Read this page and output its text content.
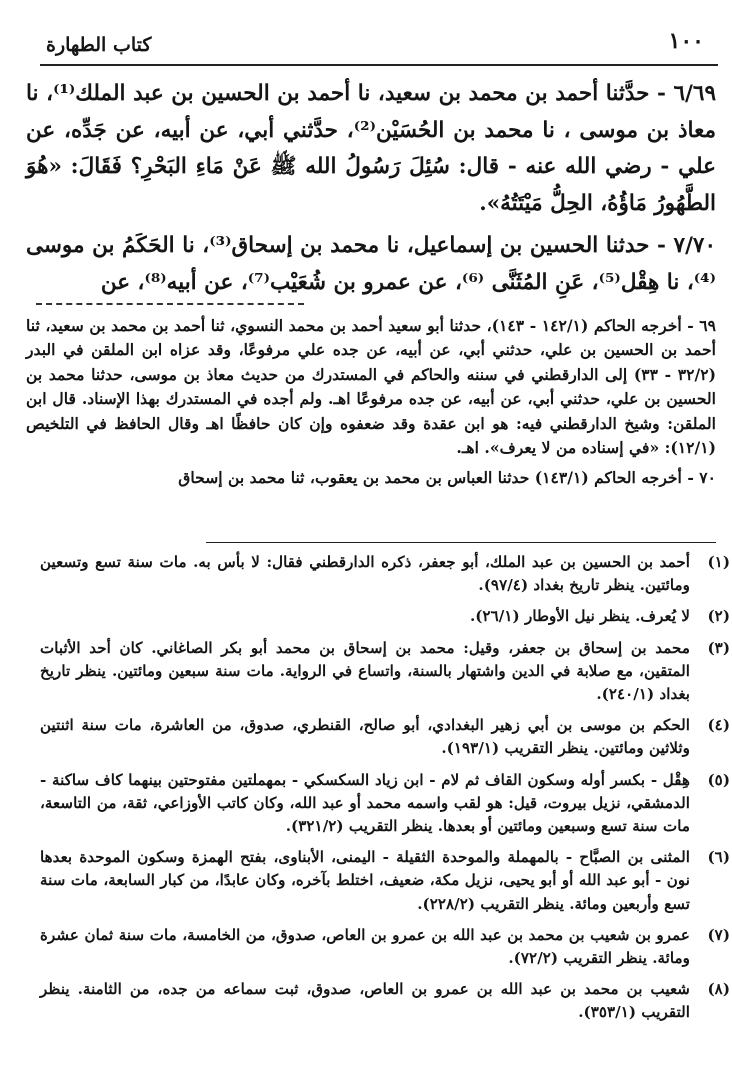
١٠٠
كتاب الطهارة

٦/٦٩ - حدَّثنا أحمد بن محمد بن سعيد، نا أحمد بن الحسين بن عبد الملك⁽¹⁾، نا معاذ بن موسى ، نا محمد بن الحُسَيْن⁽²⁾، حدَّثني أبي، عن أبيه، عن جَدِّه، عن علي - رضي الله عنه - قال: سُئِلَ رَسُولُ الله ﷺ عَنْ مَاءِ البَحْرِ؟ فَقَالَ: «هُوَ الطَّهُورُ مَاؤُهُ، الحِلُّ مَيْتَتُهُ».

٧/٧٠ - حدثنا الحسين بن إسماعيل، نا محمد بن إسحاق⁽³⁾، نا الحَكَمُ بن موسى ⁽⁴⁾، نا هِقْل⁽⁵⁾، عَنِ المُثَنَّى ⁽⁶⁾، عن عمرو بن شُعَيْب⁽⁷⁾، عن أبيه⁽⁸⁾، عن

٦٩ - أخرجه الحاكم (١٤٢/١ - ١٤٣)، حدثنا أبو سعيد أحمد بن محمد النسوي، ثنا أحمد بن محمد بن سعيد، ثنا أحمد بن الحسين بن علي، حدثني أبي، عن أبيه، عن جده علي مرفوعًا، وقد عزاه ابن الملقن في البدر (٣٢/٢ - ٣٣) إلى الدارقطني في سننه والحاكم في المستدرك من حديث معاذ بن موسى، حدثنا محمد بن الحسين بن علي، حدثني أبي، عن أبيه، عن جده مرفوعًا اهـ. ولم أجده في المستدرك بهذا الإسناد. قال ابن الملقن: وشيخ الدارقطني فيه: هو ابن عقدة وقد ضعفوه وإن كان حافظًا اهـ وقال الحافظ في التلخيص (١٢/١): «في إسناده من لا يعرف». اهـ.

٧٠ - أخرجه الحاكم (١٤٣/١) حدثنا العباس بن محمد بن يعقوب، ثنا محمد بن إسحاق

(١)
أحمد بن الحسين بن عبد الملك، أبو جعفر، ذكره الدارقطني فقال: لا بأس به. مات سنة تسع وتسعين ومائتين. ينظر تاريخ بغداد (٩٧/٤).
(٢)
لا يُعرف. ينظر نيل الأوطار (٢٦/١).
(٣)
محمد بن إسحاق بن جعفر، وقيل: محمد بن إسحاق بن محمد أبو بكر الصاغاني. كان أحد الأثبات المتقين، مع صلابة في الدين واشتهار بالسنة، واتساع في الرواية. مات سنة سبعين ومائتين. ينظر تاريخ بغداد (٢٤٠/١).
(٤)
الحكم بن موسى بن أبي زهير البغدادي، أبو صالح، القنطري، صدوق، من العاشرة، مات سنة اثنتين وثلاثين ومائتين. ينظر التقريب (١٩٣/١).
(٥)
هِقْل - بكسر أوله وسكون القاف ثم لام - ابن زياد السكسكي - بمهملتين مفتوحتين بينهما كاف ساكنة - الدمشقي، نزيل بيروت، قيل: هو لقب واسمه محمد أو عبد الله، وكان كاتب الأوزاعي، ثقة، من التاسعة، مات سنة تسع وسبعين ومائتين أو بعدها. ينظر التقريب (٣٢١/٢).
(٦)
المثنى بن الصبَّاح - بالمهملة والموحدة الثقيلة - اليمنى، الأبناوى، بفتح الهمزة وسكون الموحدة بعدها نون - أبو عبد الله أو أبو يحيى، نزيل مكة، ضعيف، اختلط بآخره، وكان عابدًا، من كبار السابعة، مات سنة تسع وأربعين ومائة. ينظر التقريب (٢٢٨/٢).
(٧)
عمرو بن شعيب بن محمد بن عبد الله بن عمرو بن العاص، صدوق، من الخامسة، مات سنة ثمان عشرة ومائة. ينظر التقريب (٧٢/٢).
(٨)
شعيب بن محمد بن عبد الله بن عمرو بن العاص، صدوق، ثبت سماعه من جده، من الثامنة. ينظر التقريب (٣٥٣/١).
